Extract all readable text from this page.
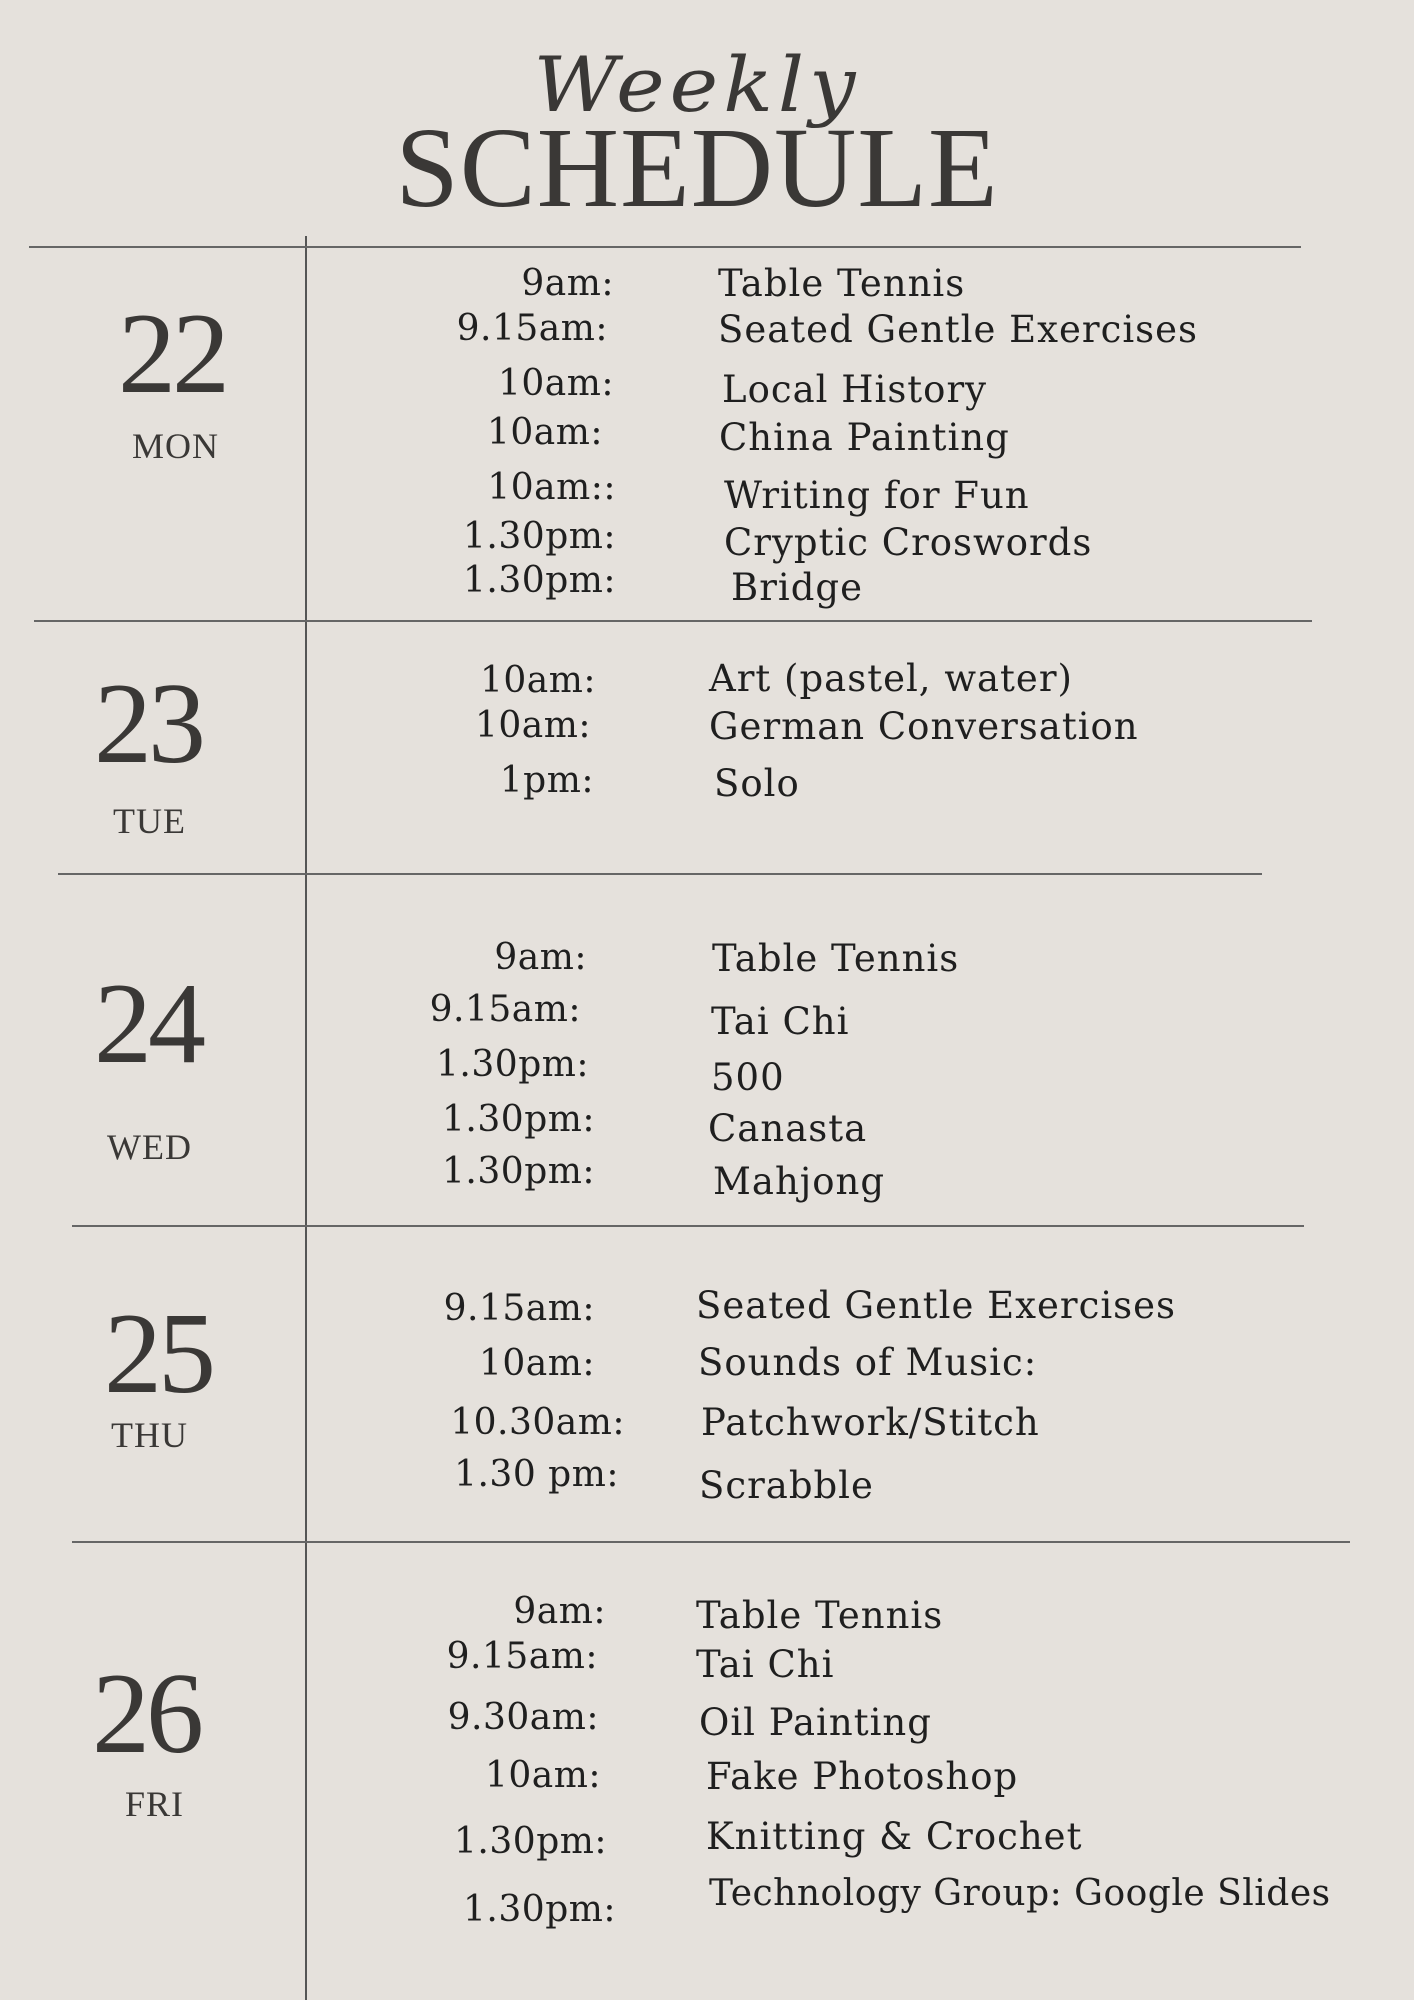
Weekly
SCHEDULE
22
MON
9am:	Table Tennis
9.15am:	Seated Gentle Exercises
10am:	Local History
10am:	China Painting
10am::	Writing for Fun
1.30pm:	Cryptic Croswords
1.30pm:	Bridge
23
TUE
10am:	Art (pastel, water)
10am:	German Conversation
1pm:	Solo
24
WED
9am:	Table Tennis
9.15am:	Tai Chi
1.30pm:	500
1.30pm:	Canasta
1.30pm:	Mahjong
25
THU
9.15am:	Seated Gentle Exercises
10am:	Sounds of Music:
10.30am: Patchwork/Stitch
1.30 pm: Scrabble
26
FRI
9am: Table Tennis
9.15am:	Tai Chi
9.30am:	Oil Painting
10am:	Fake Photoshop
1.30pm:	Knitting & Crochet
1.30pm:	Technology Group: Google Slides
